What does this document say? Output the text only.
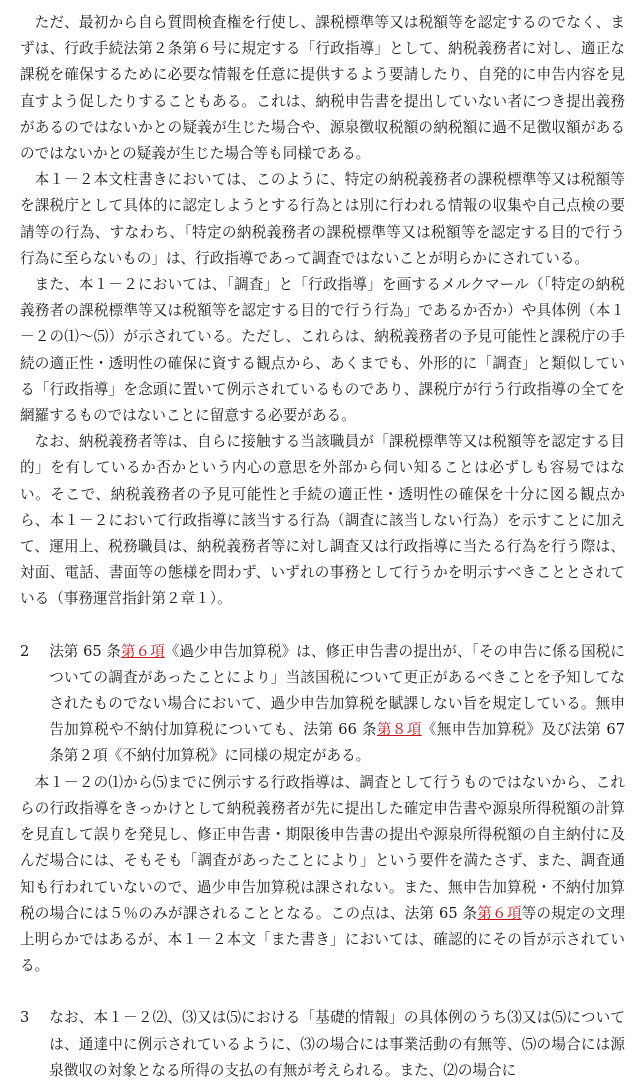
ただ、最初から自ら質問検査権を行使し、課税標準等又は税額等を認定するのでなく、まずは、行政手続法第２条第６号に規定する「行政指導」として、納税義務者に対し、適正な課税を確保するために必要な情報を任意に提供するよう要請したり、自発的に申告内容を見直すよう促したりすることもある。これは、納税申告書を提出していない者につき提出義務があるのではないかとの疑義が生じた場合や、源泉徴収税額の納税額に過不足徴収額があるのではないかとの疑義が生じた場合等も同様である。

本１－２本文柱書きにおいては、このように、特定の納税義務者の課税標準等又は税額等を課税庁として具体的に認定しようとする行為とは別に行われる情報の収集や自己点検の要請等の行為、すなわち、「特定の納税義務者の課税標準等又は税額等を認定する目的で行う行為に至らないもの」は、行政指導であって調査ではないことが明らかにされている。

また、本１－２においては、「調査」と「行政指導」を画するメルクマール（「特定の納税義務者の課税標準等又は税額等を認定する目的で行う行為」であるか否か）や具体例（本１－２の⑴～⑸）が示されている。ただし、これらは、納税義務者の予見可能性と課税庁の手続の適正性・透明性の確保に資する観点から、あくまでも、外形的に「調査」と類似している「行政指導」を念頭に置いて例示されているものであり、課税庁が行う行政指導の全てを網羅するものではないことに留意する必要がある。

なお、納税義務者等は、自らに接触する当該職員が「課税標準等又は税額等を認定する目的」を有しているか否かという内心の意思を外部から伺い知ることは必ずしも容易ではない。そこで、納税義務者の予見可能性と手続の適正性・透明性の確保を十分に図る観点から、本１－２において行政指導に該当する行為（調査に該当しない行為）を示すことに加えて、運用上、税務職員は、納税義務者等に対し調査又は行政指導に当たる行為を行う際は、対面、電話、書面等の態様を問わず、いずれの事務として行うかを明示すべきこととされている（事務運営指針第２章１）。

2	法第 65 条第６項《過少申告加算税》は、修正申告書の提出が、「その申告に係る国税についての調査があったことにより」当該国税について更正があるべきことを予知してなされたものでない場合において、過少申告加算税を賦課しない旨を規定している。無申告加算税や不納付加算税についても、法第 66 条第８項《無申告加算税》及び法第 67 条第２項《不納付加算税》に同様の規定がある。

本１－２の⑴から⑸までに例示する行政指導は、調査として行うものではないから、これらの行政指導をきっかけとして納税義務者が先に提出した確定申告書や源泉所得税額の計算を見直して誤りを発見し、修正申告書・期限後申告書の提出や源泉所得税額の自主納付に及んだ場合には、そもそも「調査があったことにより」という要件を満たさず、また、調査通知も行われていないので、過少申告加算税は課されない。また、無申告加算税・不納付加算税の場合には５％のみが課されることとなる。この点は、法第 65 条第６項等の規定の文理上明らかではあるが、本１－２本文「また書き」においては、確認的にその旨が示されている。

3	なお、本１－２⑵、⑶又は⑸における「基礎的情報」の具体例のうち⑶又は⑸については、通達中に例示されているように、⑶の場合には事業活動の有無等、⑸の場合には源泉徴収の対象となる所得の支払の有無が考えられる。また、⑵の場合に
